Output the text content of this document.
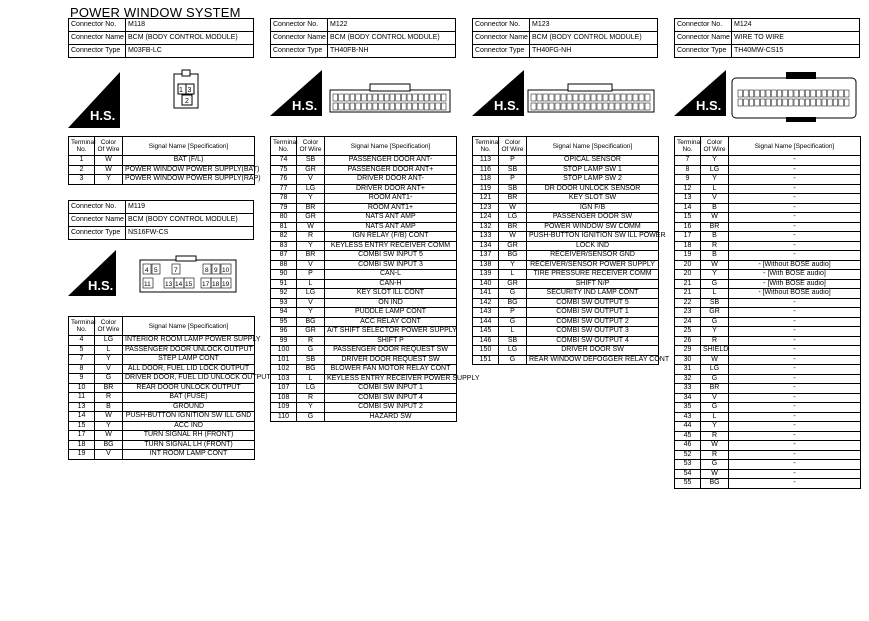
POWER WINDOW SYSTEM
Connector No.	M118
Connector Name	BCM (BODY CONTROL MODULE)
Connector Type	M03FB-LC
Connector No.	M122
Connector Name	BCM (BODY CONTROL MODULE)
Connector Type	TH40FB-NH
Connector No.	M123
Connector Name	BCM (BODY CONTROL MODULE)
Connector Type	TH40FG-NH
Connector No.	M124
Connector Name	WIRE TO WIRE
Connector Type	TH40MW-CS15
Connector No.	M119
Connector Name	BCM (BODY CONTROL MODULE)
Connector Type	NS16FW-CS
H.S.
1 3
2	H.S.	H.S.	H.S.
H.S.
4 5	7	8 9 10
11 13 14 15 17 18 19
Terminal No.	Color Of Wire	Signal Name [Specification]
1	W	BAT (F/L)
2	W	POWER WINDOW POWER SUPPLY(BAT)
3	Y	POWER WINDOW POWER SUPPLY(RAP)
Terminal No.	Color Of Wire	Signal Name [Specification]
4	LG	INTERIOR ROOM LAMP POWER SUPPLY
5	L	PASSENGER DOOR UNLOCK OUTPUT
7	Y	STEP LAMP CONT
8	V	ALL DOOR, FUEL LID LOCK OUTPUT
9	G	DRIVER DOOR, FUEL LID UNLOCK OUTPUT
10	BR	REAR DOOR UNLOCK OUTPUT
11	R	BAT (FUSE)
13	B	GROUND
14	W	PUSH-BUTTON IGNITION SW ILL GND
15	Y	ACC IND
17	W	TURN SIGNAL RH (FRONT)
18	BG	TURN SIGNAL LH (FRONT)
19	V	INT ROOM LAMP CONT
Terminal No.	Color Of Wire	Signal Name [Specification]
74	SB	PASSENGER DOOR ANT-
75	GR	PASSENGER DOOR ANT+
76	V	DRIVER DOOR ANT-
77	LG	DRIVER DOOR ANT+
78	Y	ROOM ANT1-
79	BR	ROOM ANT1+
80	GR	NATS ANT AMP
81	W	NATS ANT AMP
82	R	IGN RELAY (F/B) CONT
83	Y	KEYLESS ENTRY RECEIVER COMM
87	BR	COMBI SW INPUT 5
88	V	COMBI SW INPUT 3
90	P	CAN-L
91	L	CAN-H
92	LG	KEY SLOT ILL CONT
93	V	ON IND
94	Y	PUDDLE LAMP CONT
95	BG	ACC RELAY CONT
96	GR	A/T SHIFT SELECTOR POWER SUPPLY
99	R	SHIFT P
100	G	PASSENGER DOOR REQUEST SW
101	SB	DRIVER DOOR REQUEST SW
102	BG	BLOWER FAN MOTOR RELAY CONT
103	L	KEYLESS ENTRY RECEIVER POWER SUPPLY
107	LG	COMBI SW INPUT 1
108	R	COMBI SW INPUT 4
109	Y	COMBI SW INPUT 2
110	G	HAZARD SW
Terminal No.	Color Of Wire	Signal Name [Specification]
113	P	OPICAL SENSOR
116	SB	STOP LAMP SW 1
118	P	STOP LAMP SW 2
119	SB	DR DOOR UNLOCK SENSOR
121	BR	KEY SLOT SW
123	W	IGN F/B
124	LG	PASSENGER DOOR SW
132	BR	POWER WINDOW SW COMM
133	W	PUSH-BUTTON IGNITION SW ILL POWER
134	GR	LOCK IND
137	BG	RECEIVER/SENSOR GND
138	Y	RECEIVER/SENSOR POWER SUPPLY
139	L	TIRE PRESSURE RECEIVER COMM
140	GR	SHIFT N/P
141	G	SECURITY IND LAMP CONT
142	BG	COMBI SW OUTPUT 5
143	P	COMBI SW OUTPUT 1
144	G	COMBI SW OUTPUT 2
145	L	COMBI SW OUTPUT 3
146	SB	COMBI SW OUTPUT 4
150	LG	DRIVER DOOR SW
151	G	REAR WINDOW DEFOGGER RELAY CONT
Terminal No.	Color Of Wire	Signal Name [Specification]
7	Y	-
8	LG	-
9	Y	-
12	L	-
13	V	-
14	B	-
15	W	-
16	BR	-
17	B	-
18	R	-
19	B	-
20	W	- [Without BOSE audio]
20	Y	- [With BOSE audio]
21	G	- [With BOSE audio]
21	L	- [Without BOSE audio]
22	SB	-
23	GR	-
24	G	-
25	Y	-
26	R	-
29	SHIELD	-
30	W	-
31	LG	-
32	G	-
33	BR	-
34	V	-
35	G	-
43	L	-
44	Y	-
45	R	-
46	W	-
52	R	-
53	G	-
54	W	-
55	BG	-
